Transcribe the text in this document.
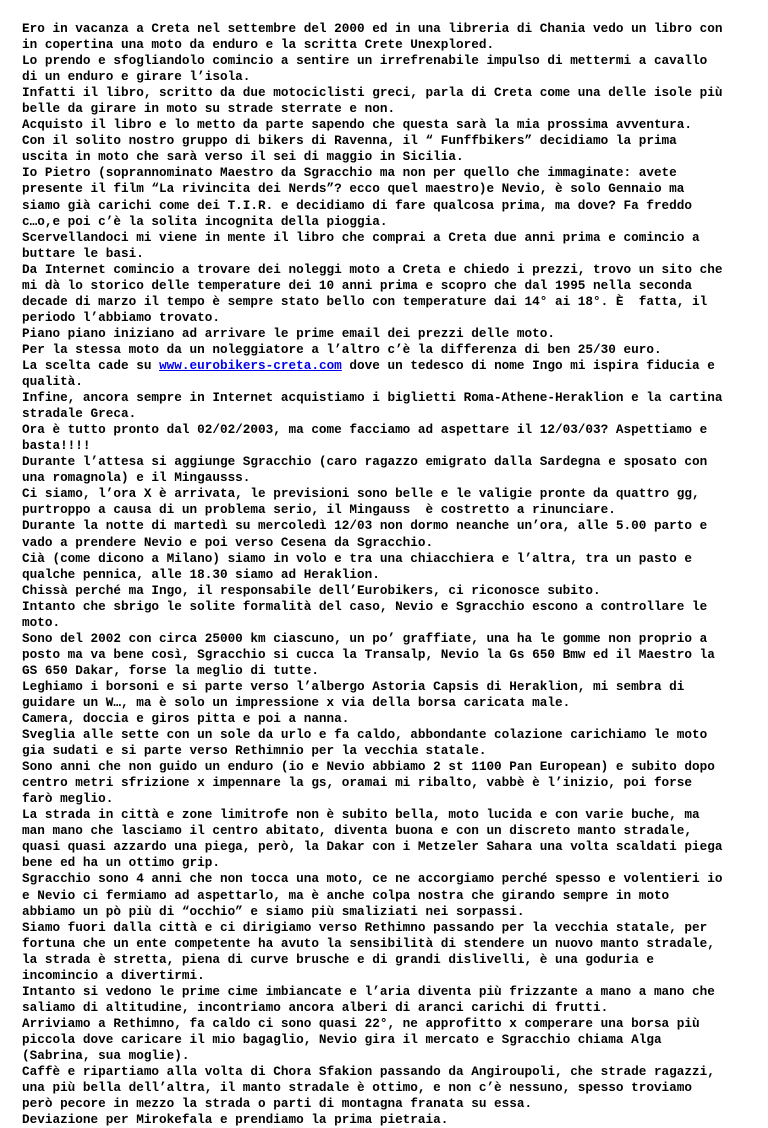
Ero in vacanza a Creta nel settembre del 2000 ed in una libreria di Chania vedo un libro con

in copertina una moto da enduro e la scritta Crete Unexplored.

Lo prendo e sfogliandolo comincio a sentire un irrefrenabile impulso di mettermi a cavallo

di un enduro e girare l’isola.

Infatti il libro, scritto da due motociclisti greci, parla di Creta come una delle isole più

belle da girare in moto su strade sterrate e non.

Acquisto il libro e lo metto da parte sapendo che questa sarà la mia prossima avventura.

Con il solito nostro gruppo di bikers di Ravenna, il “ Funffbikers” decidiamo la prima

uscita in moto che sarà verso il sei di maggio in Sicilia.

Io Pietro (soprannominato Maestro da Sgracchio ma non per quello che immaginate: avete

presente il film “La rivincita dei Nerds”? ecco quel maestro)e Nevio, è solo Gennaio ma

siamo già carichi come dei T.I.R. e decidiamo di fare qualcosa prima, ma dove? Fa freddo

c…o,e poi c’è la solita incognita della pioggia.

Scervellandoci mi viene in mente il libro che comprai a Creta due anni prima e comincio a

buttare le basi.

Da Internet comincio a trovare dei noleggi moto a Creta e chiedo i prezzi, trovo un sito che

mi dà lo storico delle temperature dei 10 anni prima e scopro che dal 1995 nella seconda

decade di marzo il tempo è sempre stato bello con temperature dai 14° ai 18°. È  fatta, il

periodo l’abbiamo trovato.

Piano piano iniziano ad arrivare le prime email dei prezzi delle moto.

Per la stessa moto da un noleggiatore a l’altro c’è la differenza di ben 25/30 euro.

La scelta cade su www.eurobikers-creta.com dove un tedesco di nome Ingo mi ispira fiducia e

qualità.

Infine, ancora sempre in Internet acquistiamo i biglietti Roma-Athene-Heraklion e la cartina

stradale Greca.

Ora è tutto pronto dal 02/02/2003, ma come facciamo ad aspettare il 12/03/03? Aspettiamo e

basta!!!!

Durante l’attesa si aggiunge Sgracchio (caro ragazzo emigrato dalla Sardegna e sposato con

una romagnola) e il Mingausss.

Ci siamo, l’ora X è arrivata, le previsioni sono belle e le valigie pronte da quattro gg,

purtroppo a causa di un problema serio, il Mingauss  è costretto a rinunciare.

Durante la notte di martedì su mercoledì 12/03 non dormo neanche un’ora, alle 5.00 parto e

vado a prendere Nevio e poi verso Cesena da Sgracchio.

Cià (come dicono a Milano) siamo in volo e tra una chiacchiera e l’altra, tra un pasto e

qualche pennica, alle 18.30 siamo ad Heraklion.

Chissà perché ma Ingo, il responsabile dell’Eurobikers, ci riconosce subito.

Intanto che sbrigo le solite formalità del caso, Nevio e Sgracchio escono a controllare le

moto.

Sono del 2002 con circa 25000 km ciascuno, un po’ graffiate, una ha le gomme non proprio a

posto ma va bene così, Sgracchio si cucca la Transalp, Nevio la Gs 650 Bmw ed il Maestro la

GS 650 Dakar, forse la meglio di tutte.

Leghiamo i borsoni e si parte verso l’albergo Astoria Capsis di Heraklion, mi sembra di

guidare un W…, ma è solo un impressione x via della borsa caricata male.

Camera, doccia e giros pitta e poi a nanna.

Sveglia alle sette con un sole da urlo e fa caldo, abbondante colazione carichiamo le moto

gia sudati e si parte verso Rethimnio per la vecchia statale.

Sono anni che non guido un enduro (io e Nevio abbiamo 2 st 1100 Pan European) e subito dopo

centro metri sfrizione x impennare la gs, oramai mi ribalto, vabbè è l’inizio, poi forse

farò meglio.

La strada in città e zone limitrofe non è subito bella, moto lucida e con varie buche, ma

man mano che lasciamo il centro abitato, diventa buona e con un discreto manto stradale,

quasi quasi azzardo una piega, però, la Dakar con i Metzeler Sahara una volta scaldati piega

bene ed ha un ottimo grip.

Sgracchio sono 4 anni che non tocca una moto, ce ne accorgiamo perché spesso e volentieri io

e Nevio ci fermiamo ad aspettarlo, ma è anche colpa nostra che girando sempre in moto

abbiamo un pò più di “occhio” e siamo più smaliziati nei sorpassi.

Siamo fuori dalla città e ci dirigiamo verso Rethimno passando per la vecchia statale, per

fortuna che un ente competente ha avuto la sensibilità di stendere un nuovo manto stradale,

la strada è stretta, piena di curve brusche e di grandi dislivelli, è una goduria e

incomincio a divertirmi.

Intanto si vedono le prime cime imbiancate e l’aria diventa più frizzante a mano a mano che

saliamo di altitudine, incontriamo ancora alberi di aranci carichi di frutti.

Arriviamo a Rethimno, fa caldo ci sono quasi 22°, ne approfitto x comperare una borsa più

piccola dove caricare il mio bagaglio, Nevio gira il mercato e Sgracchio chiama Alga

(Sabrina, sua moglie).

Caffè e ripartiamo alla volta di Chora Sfakion passando da Angiroupoli, che strade ragazzi,

una più bella dell’altra, il manto stradale è ottimo, e non c’è nessuno, spesso troviamo

però pecore in mezzo la strada o parti di montagna franata su essa.

Deviazione per Mirokefala e prendiamo la prima pietraia.
